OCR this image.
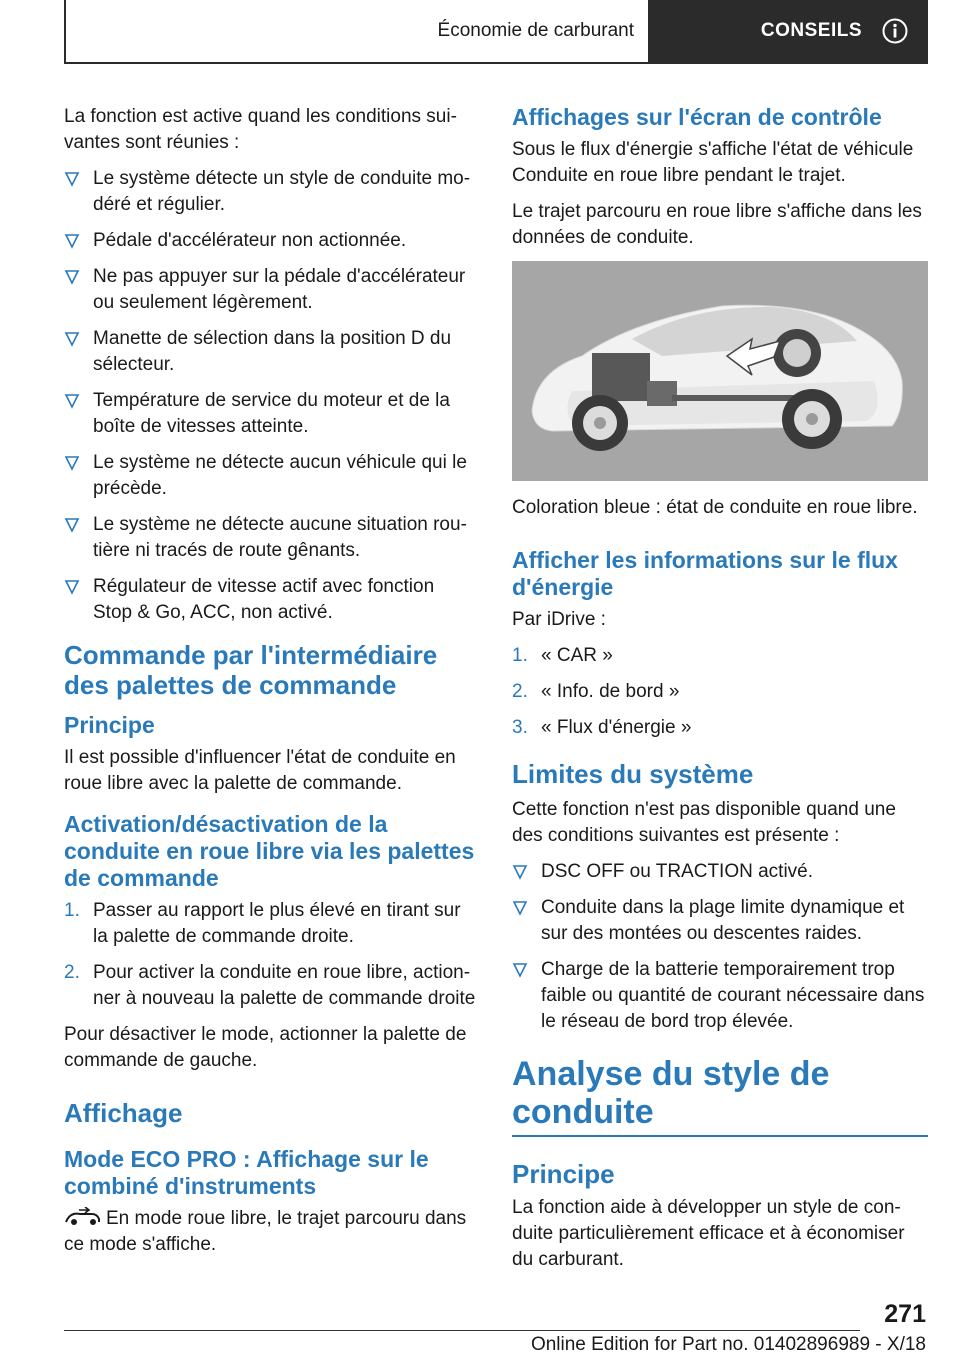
Économie de carburant	CONSEILS

La fonction est active quand les conditions sui-vantes sont réunies :

Le système détecte un style de conduite mo-déré et régulier.
Pédale d'accélérateur non actionnée.
Ne pas appuyer sur la pédale d'accélérateur ou seulement légèrement.
Manette de sélection dans la position D du sélecteur.
Température de service du moteur et de la boîte de vitesses atteinte.
Le système ne détecte aucun véhicule qui le précède.
Le système ne détecte aucune situation rou-tière ni tracés de route gênants.
Régulateur de vitesse actif avec fonction Stop & Go, ACC, non activé.
Commande par l'intermédiaire des palettes de commande
Principe

Il est possible d'influencer l'état de conduite en roue libre avec la palette de commande.

Activation/désactivation de la conduite en roue libre via les palettes de commande
1. Passer au rapport le plus élevé en tirant sur la palette de commande droite.
2. Pour activer la conduite en roue libre, action-ner à nouveau la palette de commande droite

Pour désactiver le mode, actionner la palette de commande de gauche.

Affichage
Mode ECO PRO : Affichage sur le combiné d'instruments

En mode roue libre, le trajet parcouru dans ce mode s'affiche.

Affichages sur l'écran de contrôle

Sous le flux d'énergie s'affiche l'état de véhicule Conduite en roue libre pendant le trajet.

Le trajet parcouru en roue libre s'affiche dans les données de conduite.

Coloration bleue : état de conduite en roue libre.

Afficher les informations sur le flux d'énergie

Par iDrive :

1. « CAR »
2. « Info. de bord »
3. « Flux d'énergie »
Limites du système

Cette fonction n'est pas disponible quand une des conditions suivantes est présente :

DSC OFF ou TRACTION activé.
Conduite dans la plage limite dynamique et sur des montées ou descentes raides.
Charge de la batterie temporairement trop faible ou quantité de courant nécessaire dans le réseau de bord trop élevée.
Analyse du style de conduite
Principe

La fonction aide à développer un style de con-duite particulièrement efficace et à économiser du carburant.

271
Online Edition for Part no. 01402896989 - X/18
